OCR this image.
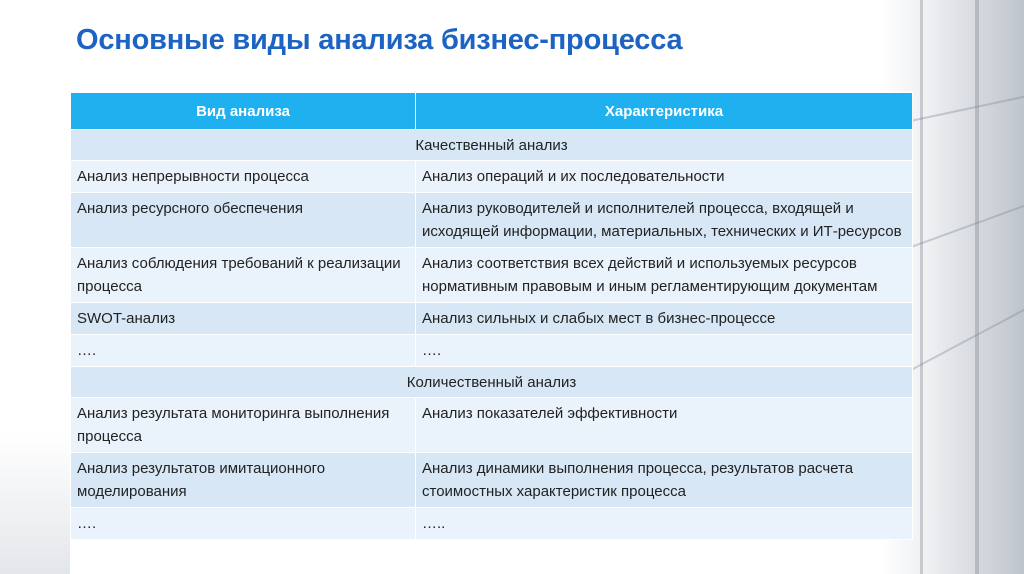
Основные виды анализа бизнес-процесса
Вид анализа	Характеристика
Качественный анализ	
Анализ непрерывности процесса	Анализ операций и их последовательности
Анализ ресурсного обеспечения	Анализ руководителей и исполнителей процесса, входящей и исходящей информации, материальных, технических и ИТ-ресурсов
Анализ соблюдения требований к реализации процесса	Анализ соответствия всех действий и используемых ресурсов нормативным правовым и иным регламентирующим документам
SWOT-анализ	Анализ сильных и слабых мест в бизнес-процессе
….	….
Количественный анализ	
Анализ результата мониторинга выполнения процесса	Анализ показателей эффективности
Анализ результатов имитационного моделирования	Анализ динамики выполнения процесса, результатов расчета стоимостных характеристик процесса
….	…..
